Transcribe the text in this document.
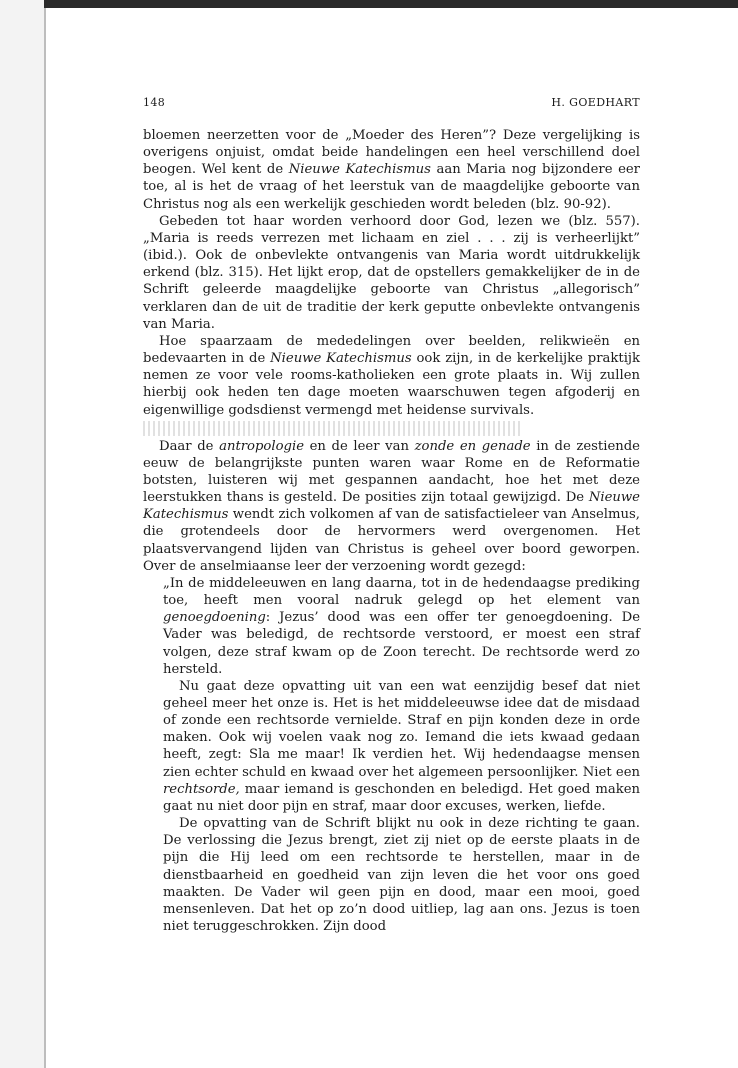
148	H. GOEDHART

bloemen neerzetten voor de „Moeder des Heren”? Deze vergelijking is overigens onjuist, omdat beide handelingen een heel verschillend doel beogen. Wel kent de Nieuwe Katechismus aan Maria nog bijzondere eer toe, al is het de vraag of het leerstuk van de maagdelijke geboorte van Christus nog als een werkelijk geschieden wordt beleden (blz. 90-92).

Gebeden tot haar worden verhoord door God, lezen we (blz. 557). „Maria is reeds verrezen met lichaam en ziel . . . zij is verheerlijkt” (ibid.). Ook de onbevlekte ontvangenis van Maria wordt uitdrukkelijk erkend (blz. 315). Het lijkt erop, dat de opstellers gemakkelijker de in de Schrift geleerde maagdelijke geboorte van Christus „allegorisch” verklaren dan de uit de traditie der kerk geputte onbevlekte ontvangenis van Maria.

Hoe spaarzaam de mededelingen over beelden, relikwieën en bedevaarten in de Nieuwe Katechismus ook zijn, in de kerkelijke praktijk nemen ze voor vele rooms-katholieken een grote plaats in. Wij zullen hierbij ook heden ten dage moeten waarschuwen tegen afgoderij en eigenwillige godsdienst vermengd met heidense survivals.

Daar de antropologie en de leer van zonde en genade in de zestiende eeuw de belangrijkste punten waren waar Rome en de Reformatie botsten, luisteren wij met gespannen aandacht, hoe het met deze leerstukken thans is gesteld. De posities zijn totaal gewijzigd. De Nieuwe Katechismus wendt zich volkomen af van de satisfactieleer van Anselmus, die grotendeels door de hervormers werd overgenomen. Het plaatsvervangend lijden van Christus is geheel over boord geworpen. Over de anselmiaanse leer der verzoening wordt gezegd:

„In de middeleeuwen en lang daarna, tot in de hedendaagse prediking toe, heeft men vooral nadruk gelegd op het element van genoegdoening: Jezus’ dood was een offer ter genoegdoening. De Vader was beledigd, de rechtsorde verstoord, er moest een straf volgen, deze straf kwam op de Zoon terecht. De rechtsorde werd zo hersteld.

Nu gaat deze opvatting uit van een wat eenzijdig besef dat niet geheel meer het onze is. Het is het middeleeuwse idee dat de misdaad of zonde een rechtsorde vernielde. Straf en pijn konden deze in orde maken. Ook wij voelen vaak nog zo. Iemand die iets kwaad gedaan heeft, zegt: Sla me maar! Ik verdien het. Wij hedendaagse mensen zien echter schuld en kwaad over het algemeen persoonlijker. Niet een rechtsorde, maar iemand is geschonden en beledigd. Het goed maken gaat nu niet door pijn en straf, maar door excuses, werken, liefde.

De opvatting van de Schrift blijkt nu ook in deze richting te gaan. De verlossing die Jezus brengt, ziet zij niet op de eerste plaats in de pijn die Hij leed om een rechtsorde te herstellen, maar in de dienstbaarheid en goedheid van zijn leven die het voor ons goed maakten. De Vader wil geen pijn en dood, maar een mooi, goed mensenleven. Dat het op zo’n dood uitliep, lag aan ons. Jezus is toen niet teruggeschrokken. Zijn dood
